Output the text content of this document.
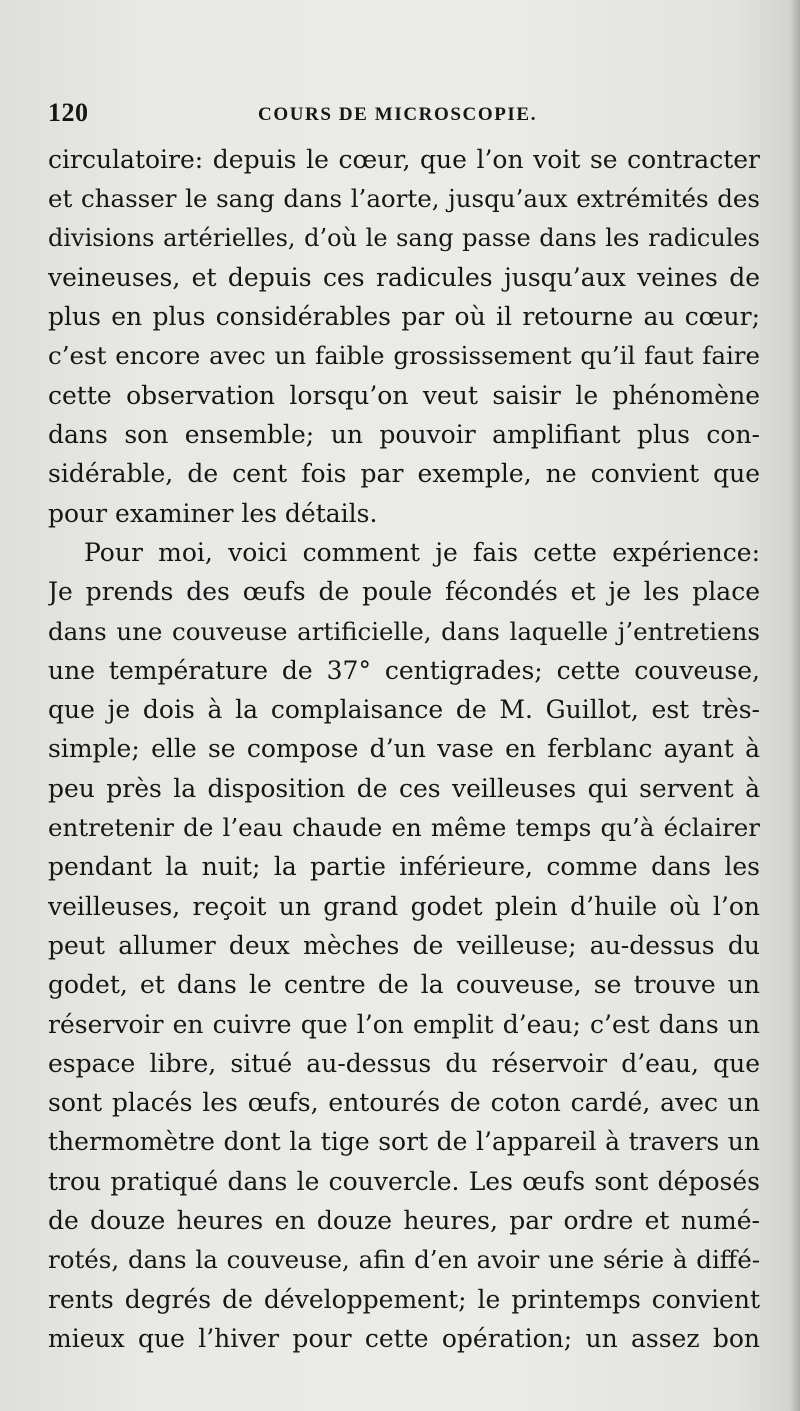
120	COURS DE MICROSCOPIE.
circulatoire: depuis le cœur, que l’on voit se contracter
et chasser le sang dans l’aorte, jusqu’aux extrémités des
divisions artérielles, d’où le sang passe dans les radicules
veineuses, et depuis ces radicules jusqu’aux veines de
plus en plus considérables par où il retourne au cœur;
c’est encore avec un faible grossissement qu’il faut faire
cette observation lorsqu’on veut saisir le phénomène
dans son ensemble; un pouvoir amplifiant plus con-
sidérable, de cent fois par exemple, ne convient que
pour examiner les détails.
Pour moi, voici comment je fais cette expérience:
Je prends des œufs de poule fécondés et je les place
dans une couveuse artificielle, dans laquelle j’entretiens
une température de 37° centigrades; cette couveuse,
que je dois à la complaisance de M. Guillot, est très-
simple; elle se compose d’un vase en ferblanc ayant à
peu près la disposition de ces veilleuses qui servent à
entretenir de l’eau chaude en même temps qu’à éclairer
pendant la nuit; la partie inférieure, comme dans les
veilleuses, reçoit un grand godet plein d’huile où l’on
peut allumer deux mèches de veilleuse; au-dessus du
godet, et dans le centre de la couveuse, se trouve un
réservoir en cuivre que l’on emplit d’eau; c’est dans un
espace libre, situé au-dessus du réservoir d’eau, que
sont placés les œufs, entourés de coton cardé, avec un
thermomètre dont la tige sort de l’appareil à travers un
trou pratiqué dans le couvercle. Les œufs sont déposés
de douze heures en douze heures, par ordre et numé-
rotés, dans la couveuse, afin d’en avoir une série à diffé-
rents degrés de développement; le printemps convient
mieux que l’hiver pour cette opération; un assez bon
